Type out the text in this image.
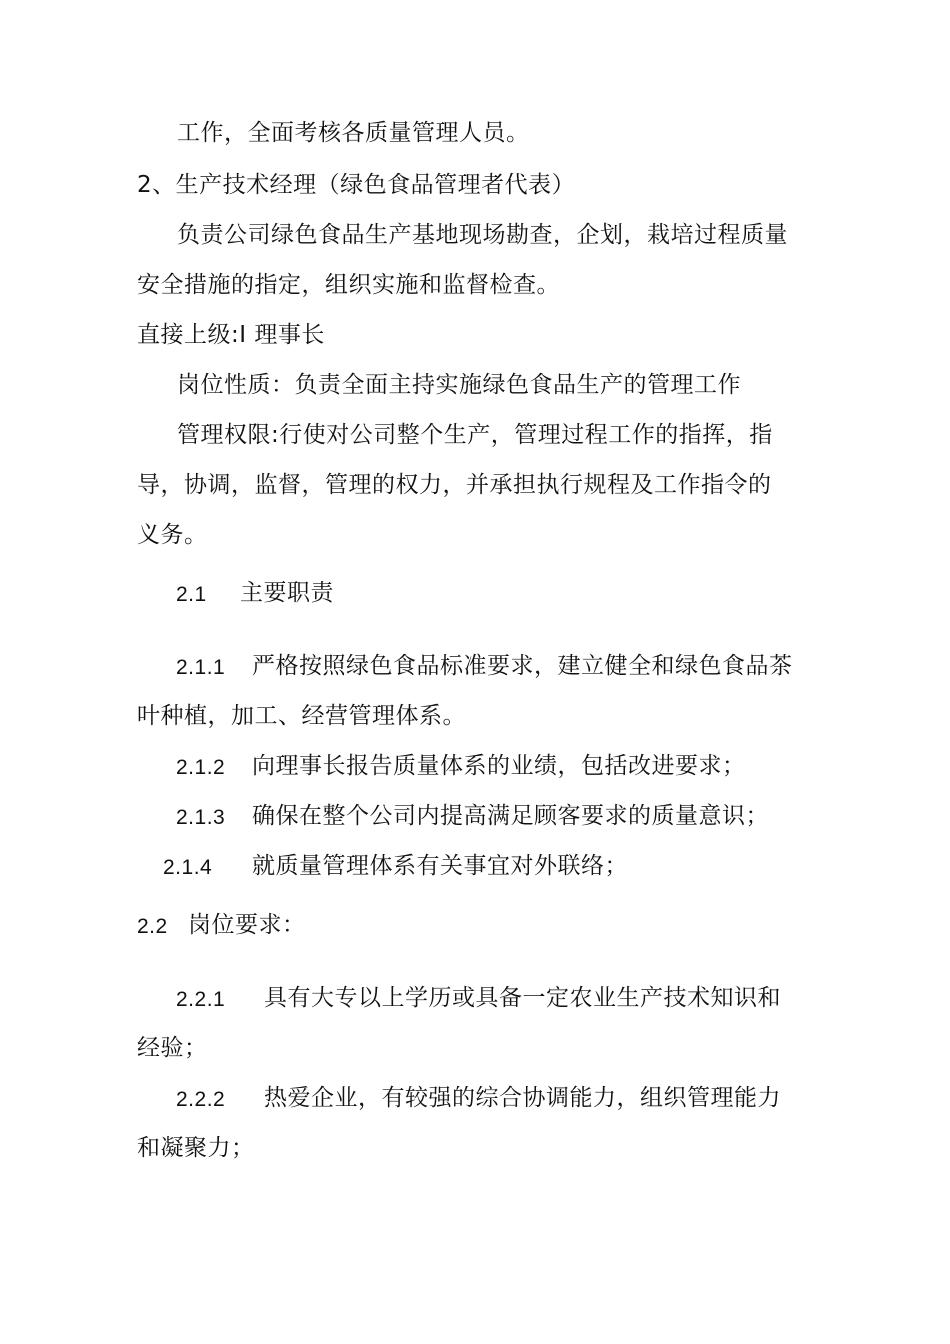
工作，全面考核各质量管理人员。
2、生产技术经理（绿色食品管理者代表）
负责公司绿色食品生产基地现场勘查，企划，栽培过程质量
安全措施的指定，组织实施和监督检查。
直接上级:I 理事长
岗位性质：负责全面主持实施绿色食品生产的管理工作
管理权限:行使对公司整个生产，管理过程工作的指挥，指
导，协调，监督，管理的权力，并承担执行规程及工作指令的
义务。
2.1 主要职责
2.1.1 严格按照绿色食品标准要求，建立健全和绿色食品茶
叶种植，加工、经营管理体系。
2.1.2 向理事长报告质量体系的业绩，包括改进要求；
2.1.3 确保在整个公司内提高满足顾客要求的质量意识；
2.1.4 就质量管理体系有关事宜对外联络；
2.2 岗位要求：
2.2.1 具有大专以上学历或具备一定农业生产技术知识和
经验；
2.2.2 热爱企业，有较强的综合协调能力，组织管理能力
和凝聚力；
